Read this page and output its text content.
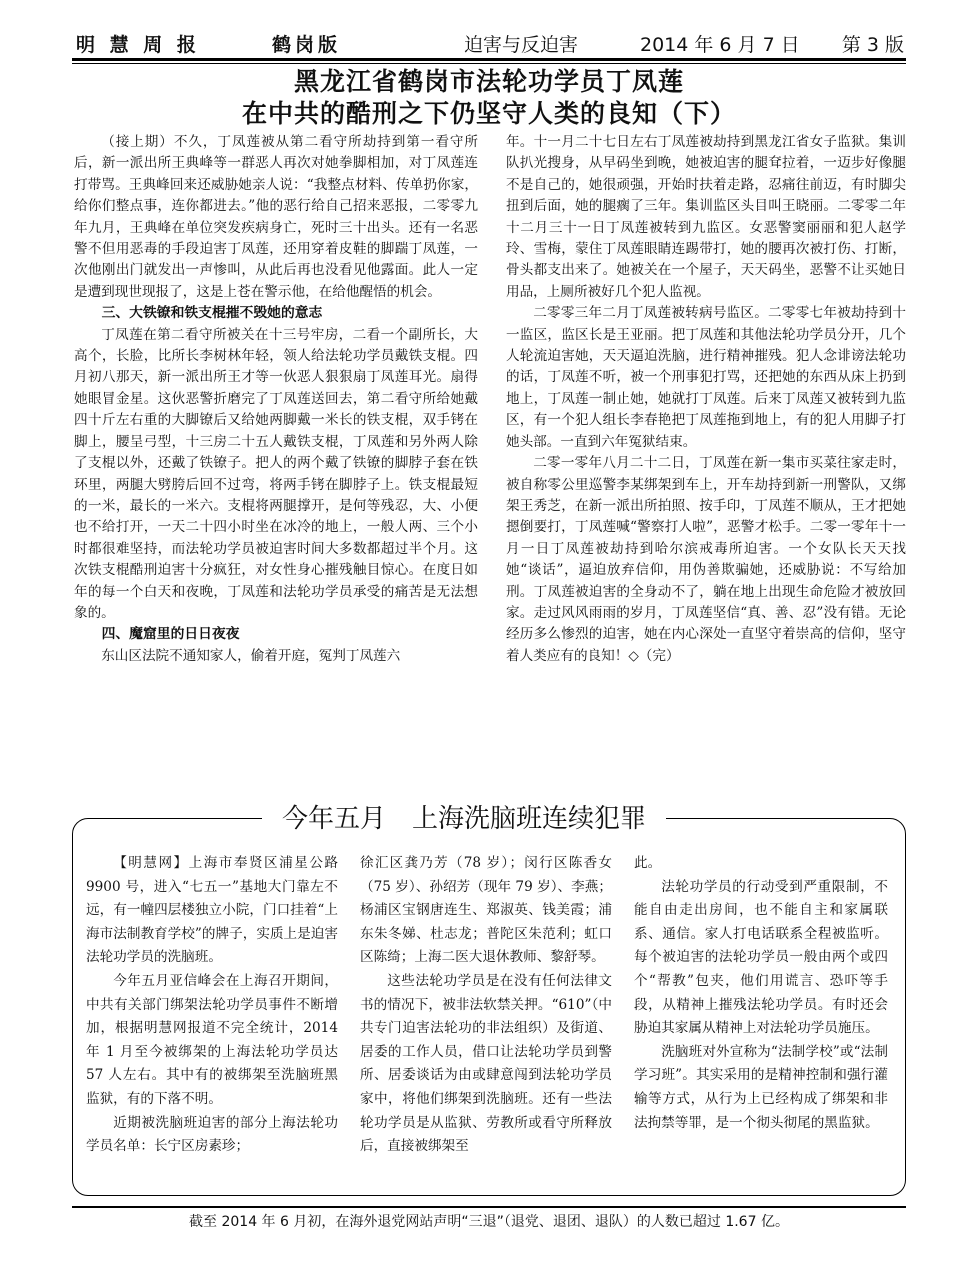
明 慧 周 报	鹤岗版	迫害与反迫害	2014 年 6 月 7 日 第 3 版
黑龙江省鹤岗市法轮功学员丁凤莲
在中共的酷刑之下仍坚守人类的良知（下）

（接上期）不久，丁凤莲被从第二看守所劫持到第一看守所后，新一派出所王典峰等一群恶人再次对她拳脚相加，对丁凤莲连打带骂。王典峰回来还威胁她亲人说：“我整点材料、传单扔你家，给你们整点事，连你都进去。”他的恶行给自己招来恶报，二零零九年九月，王典峰在单位突发疾病身亡，死时三十出头。还有一名恶警不但用恶毒的手段迫害丁凤莲，还用穿着皮鞋的脚踹丁凤莲，一次他刚出门就发出一声惨叫，从此后再也没看见他露面。此人一定是遭到现世现报了，这是上苍在警示他，在给他醒悟的机会。

三、大铁镣和铁支棍摧不毁她的意志

丁凤莲在第二看守所被关在十三号牢房，二看一个副所长，大高个，长脸，比所长李树林年轻，领人给法轮功学员戴铁支棍。四月初八那天，新一派出所王才等一伙恶人狠狠扇丁凤莲耳光。扇得她眼冒金星。这伙恶警折磨完了丁凤莲送回去，第二看守所给她戴四十斤左右重的大脚镣后又给她两脚戴一米长的铁支棍，双手铐在脚上，腰呈弓型，十三房二十五人戴铁支棍，丁凤莲和另外两人除了支棍以外，还戴了铁镣子。把人的两个戴了铁镣的脚脖子套在铁环里，两腿大劈胯后回不过弯，将两手铐在脚脖子上。铁支棍最短的一米，最长的一米六。支棍将两腿撑开，是何等残忍，大、小便也不给打开，一天二十四小时坐在冰冷的地上，一般人两、三个小时都很难坚持，而法轮功学员被迫害时间大多数都超过半个月。这次铁支棍酷刑迫害十分疯狂，对女性身心摧残触目惊心。在度日如年的每一个白天和夜晚，丁凤莲和法轮功学员承受的痛苦是无法想象的。

四、魔窟里的日日夜夜

东山区法院不通知家人，偷着开庭，冤判丁凤莲六

年。十一月二十七日左右丁凤莲被劫持到黑龙江省女子监狱。集训队扒光搜身，从早码坐到晚，她被迫害的腿耷拉着，一迈步好像腿不是自己的，她很顽强，开始时扶着走路，忍痛往前迈，有时脚尖扭到后面，她的腿瘸了三年。集训监区头目叫王晓丽。二零零二年十二月三十一日丁凤莲被转到九监区。女恶警窦丽丽和犯人赵学玲、雪梅，蒙住丁凤莲眼睛连踢带打，她的腰再次被打伤、打断，骨头都支出来了。她被关在一个屋子，天天码坐，恶警不让买她日用品，上厕所被好几个犯人监视。

二零零三年二月丁凤莲被转病号监区。二零零七年被劫持到十一监区，监区长是王亚丽。把丁凤莲和其他法轮功学员分开，几个人轮流迫害她，天天逼迫洗脑，进行精神摧残。犯人念诽谤法轮功的话，丁凤莲不听，被一个刑事犯打骂，还把她的东西从床上扔到地上，丁凤莲一制止她，她就打丁凤莲。后来丁凤莲又被转到九监区，有一个犯人组长李春艳把丁凤莲拖到地上，有的犯人用脚子打她头部。一直到六年冤狱结束。

二零一零年八月二十二日，丁凤莲在新一集市买菜往家走时，被自称零公里巡警李某绑架到车上，开车劫持到新一刑警队，又绑架王秀芝，在新一派出所拍照、按手印，丁凤莲不顺从，王才把她摁倒要打，丁凤莲喊“警察打人啦”，恶警才松手。二零一零年十一月一日丁凤莲被劫持到哈尔滨戒毒所迫害。一个女队长天天找她“谈话”，逼迫放弃信仰，用伪善欺骗她，还威胁说：不写给加刑。丁凤莲被迫害的全身动不了，躺在地上出现生命危险才被放回家。走过风风雨雨的岁月，丁凤莲坚信“真、善、忍”没有错。无论经历多么惨烈的迫害，她在内心深处一直坚守着崇高的信仰，坚守着人类应有的良知！◇（完）

今年五月　上海洗脑班连续犯罪

【明慧网】上海市奉贤区浦星公路 9900 号，进入“七五一”基地大门靠左不远，有一幢四层楼独立小院，门口挂着“上海市法制教育学校”的牌子，实质上是迫害法轮功学员的洗脑班。

今年五月亚信峰会在上海召开期间，中共有关部门绑架法轮功学员事件不断增加，根据明慧网报道不完全统计，2014 年 1 月至今被绑架的上海法轮功学员达 57 人左右。其中有的被绑架至洗脑班黑监狱，有的下落不明。

近期被洗脑班迫害的部分上海法轮功学员名单：长宁区房素珍；

徐汇区龚乃芳（78 岁）；闵行区陈香女（75 岁）、孙绍芳（现年 79 岁）、李燕；杨浦区宝钢唐连生、郑淑英、钱美霞；浦东朱冬娣、杜志龙；普陀区朱范利；虹口区陈绮；上海二医大退休教师、黎舒琴。

这些法轮功学员是在没有任何法律文书的情况下，被非法软禁关押。“610”（中共专门迫害法轮功的非法组织）及街道、居委的工作人员，借口让法轮功学员到警所、居委谈话为由或肆意闯到法轮功学员家中，将他们绑架到洗脑班。还有一些法轮功学员是从监狱、劳教所或看守所释放后，直接被绑架至

此。

法轮功学员的行动受到严重限制，不能自由走出房间，也不能自主和家属联系、通信。家人打电话联系全程被监听。每个被迫害的法轮功学员一般由两个或四个“帮教”包夹，他们用谎言、恐吓等手段，从精神上摧残法轮功学员。有时还会胁迫其家属从精神上对法轮功学员施压。

洗脑班对外宣称为“法制学校”或“法制学习班”。其实采用的是精神控制和强行灌输等方式，从行为上已经构成了绑架和非法拘禁等罪，是一个彻头彻尾的黑监狱。

截至 2014 年 6 月初，在海外退党网站声明“三退”（退党、退团、退队）的人数已超过 1.67 亿。
